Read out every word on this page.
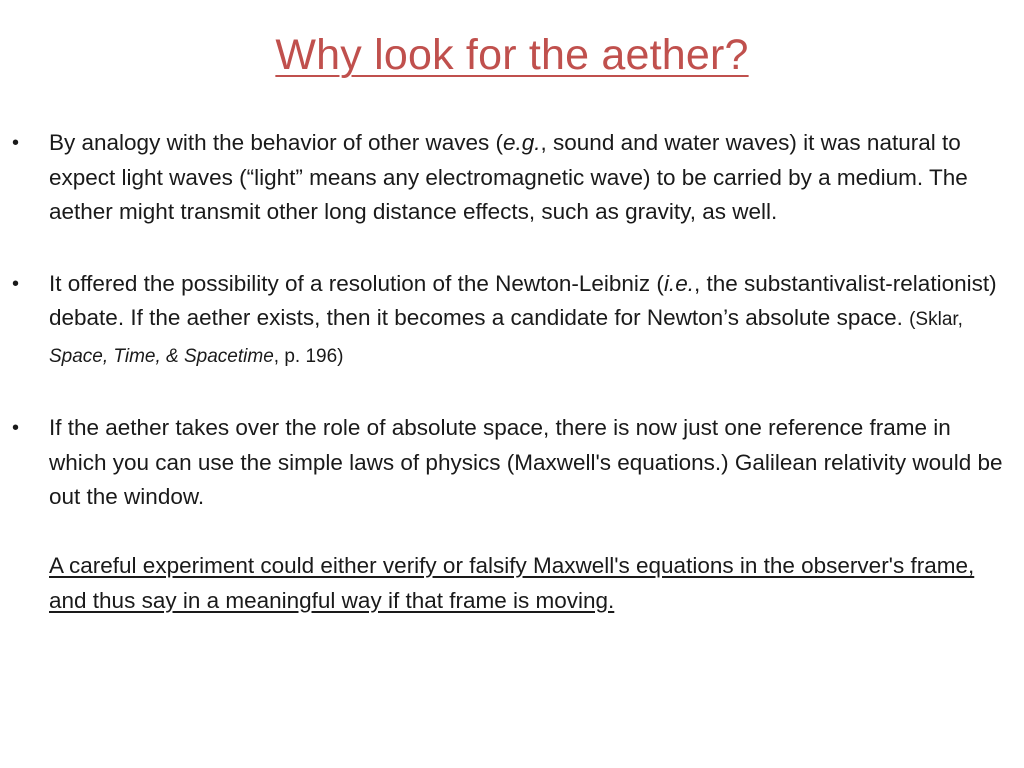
Why look for the aether?
• By analogy with the behavior of other waves (e.g., sound and water waves) it was natural to expect light waves (“light” means any electromagnetic wave) to be carried by a medium. The aether might transmit other long distance effects, such as gravity, as well.
• It offered the possibility of a resolution of the Newton-Leibniz (i.e., the substantivalist-relationist) debate. If the aether exists, then it becomes a candidate for Newton’s absolute space. (Sklar, Space, Time, & Spacetime, p. 196)
• If the aether takes over the role of absolute space, there is now just one reference frame in which you can use the simple laws of physics (Maxwell's equations.) Galilean relativity would be out the window.
A careful experiment could either verify or falsify Maxwell's equations in the observer's frame, and thus say in a meaningful way if that frame is moving.
